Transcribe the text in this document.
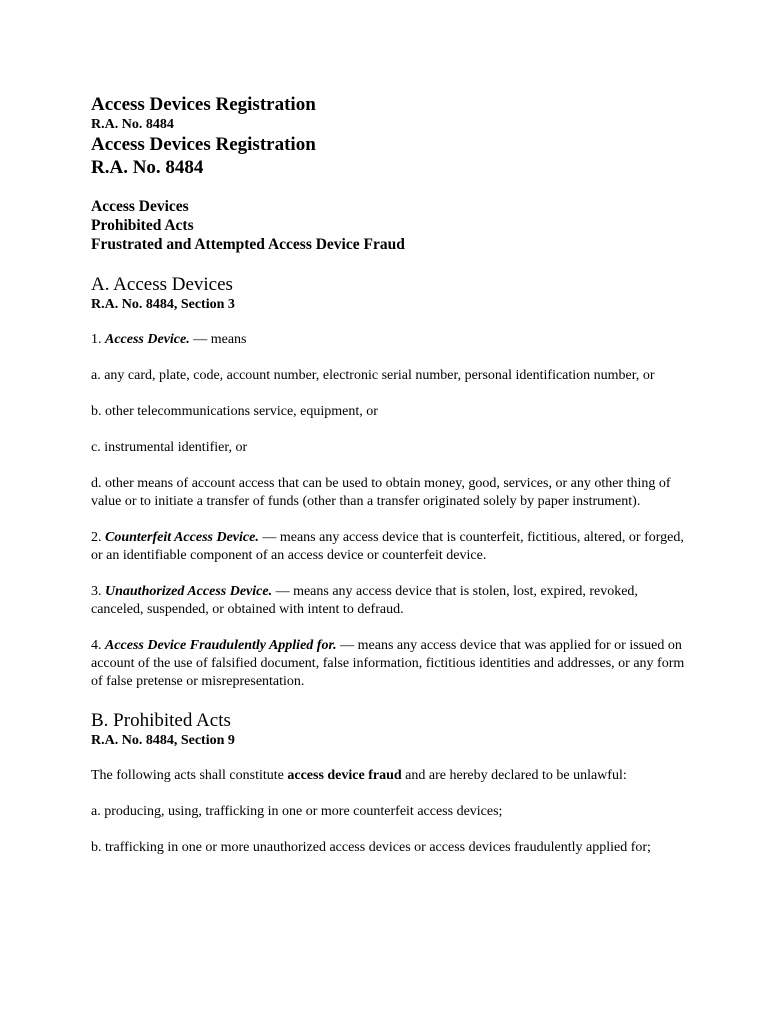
Access Devices Registration
R.A. No. 8484
Access Devices Registration
R.A. No. 8484
Access Devices
Prohibited Acts
Frustrated and Attempted Access Device Fraud
A. Access Devices
R.A. No. 8484, Section 3

1. Access Device. — means

a. any card, plate, code, account number, electronic serial number, personal identification number, or

b. other telecommunications service, equipment, or

c. instrumental identifier, or

d. other means of account access that can be used to obtain money, good, services, or any other thing of value or to initiate a transfer of funds (other than a transfer originated solely by paper instrument).

2. Counterfeit Access Device. — means any access device that is counterfeit, fictitious, altered, or forged, or an identifiable component of an access device or counterfeit device.

3. Unauthorized Access Device. — means any access device that is stolen, lost, expired, revoked, canceled, suspended, or obtained with intent to defraud.

4. Access Device Fraudulently Applied for. — means any access device that was applied for or issued on account of the use of falsified document, false information, fictitious identities and addresses, or any form of false pretense or misrepresentation.

B. Prohibited Acts
R.A. No. 8484, Section 9

The following acts shall constitute access device fraud and are hereby declared to be unlawful:

a. producing, using, trafficking in one or more counterfeit access devices;

b. trafficking in one or more unauthorized access devices or access devices fraudulently applied for;
